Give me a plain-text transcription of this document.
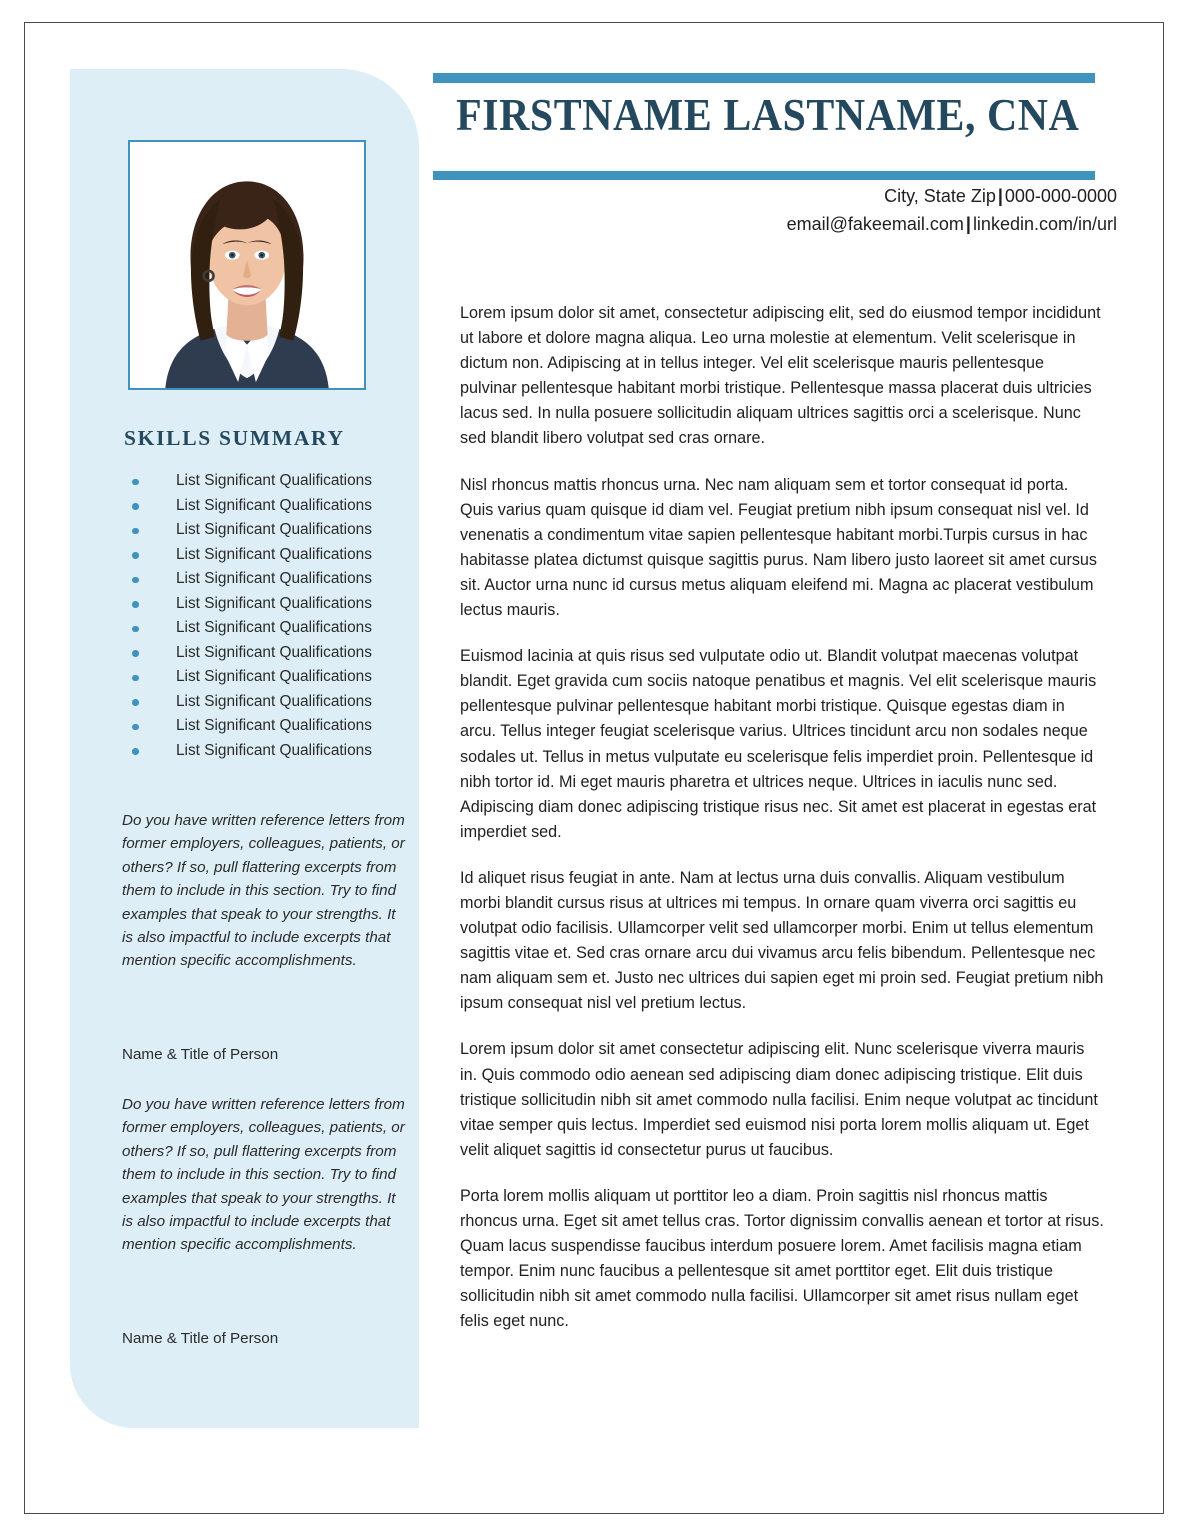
SKILLS SUMMARY
List Significant Qualifications
List Significant Qualifications
List Significant Qualifications
List Significant Qualifications
List Significant Qualifications
List Significant Qualifications
List Significant Qualifications
List Significant Qualifications
List Significant Qualifications
List Significant Qualifications
List Significant Qualifications
List Significant Qualifications
Do you have written reference letters from former employers, colleagues, patients, or others? If so, pull flattering excerpts from them to include in this section. Try to find examples that speak to your strengths. It is also impactful to include excerpts that mention specific accomplishments.
Name & Title of Person
Do you have written reference letters from former employers, colleagues, patients, or others? If so, pull flattering excerpts from them to include in this section. Try to find examples that speak to your strengths. It is also impactful to include excerpts that mention specific accomplishments.
Name & Title of Person
FIRSTNAME LASTNAME, CNA
City, State Zip | 000-000-0000
email@fakeemail.com | linkedin.com/in/url

Lorem ipsum dolor sit amet, consectetur adipiscing elit, sed do eiusmod tempor incididunt ut labore et dolore magna aliqua. Leo urna molestie at elementum. Velit scelerisque in dictum non. Adipiscing at in tellus integer. Vel elit scelerisque mauris pellentesque pulvinar pellentesque habitant morbi tristique. Pellentesque massa placerat duis ultricies lacus sed. In nulla posuere sollicitudin aliquam ultrices sagittis orci a scelerisque. Nunc sed blandit libero volutpat sed cras ornare.

Nisl rhoncus mattis rhoncus urna. Nec nam aliquam sem et tortor consequat id porta. Quis varius quam quisque id diam vel. Feugiat pretium nibh ipsum consequat nisl vel. Id venenatis a condimentum vitae sapien pellentesque habitant morbi.Turpis cursus in hac habitasse platea dictumst quisque sagittis purus. Nam libero justo laoreet sit amet cursus sit. Auctor urna nunc id cursus metus aliquam eleifend mi. Magna ac placerat vestibulum lectus mauris.

Euismod lacinia at quis risus sed vulputate odio ut. Blandit volutpat maecenas volutpat blandit. Eget gravida cum sociis natoque penatibus et magnis. Vel elit scelerisque mauris pellentesque pulvinar pellentesque habitant morbi tristique. Quisque egestas diam in arcu. Tellus integer feugiat scelerisque varius. Ultrices tincidunt arcu non sodales neque sodales ut. Tellus in metus vulputate eu scelerisque felis imperdiet proin. Pellentesque id nibh tortor id. Mi eget mauris pharetra et ultrices neque. Ultrices in iaculis nunc sed. Adipiscing diam donec adipiscing tristique risus nec. Sit amet est placerat in egestas erat imperdiet sed.

Id aliquet risus feugiat in ante. Nam at lectus urna duis convallis. Aliquam vestibulum morbi blandit cursus risus at ultrices mi tempus. In ornare quam viverra orci sagittis eu volutpat odio facilisis. Ullamcorper velit sed ullamcorper morbi. Enim ut tellus elementum sagittis vitae et. Sed cras ornare arcu dui vivamus arcu felis bibendum. Pellentesque nec nam aliquam sem et. Justo nec ultrices dui sapien eget mi proin sed. Feugiat pretium nibh ipsum consequat nisl vel pretium lectus.

Lorem ipsum dolor sit amet consectetur adipiscing elit. Nunc scelerisque viverra mauris in. Quis commodo odio aenean sed adipiscing diam donec adipiscing tristique. Elit duis tristique sollicitudin nibh sit amet commodo nulla facilisi. Enim neque volutpat ac tincidunt vitae semper quis lectus. Imperdiet sed euismod nisi porta lorem mollis aliquam ut. Eget velit aliquet sagittis id consectetur purus ut faucibus.

Porta lorem mollis aliquam ut porttitor leo a diam. Proin sagittis nisl rhoncus mattis rhoncus urna. Eget sit amet tellus cras. Tortor dignissim convallis aenean et tortor at risus. Quam lacus suspendisse faucibus interdum posuere lorem. Amet facilisis magna etiam tempor. Enim nunc faucibus a pellentesque sit amet porttitor eget. Elit duis tristique sollicitudin nibh sit amet commodo nulla facilisi. Ullamcorper sit amet risus nullam eget felis eget nunc.
